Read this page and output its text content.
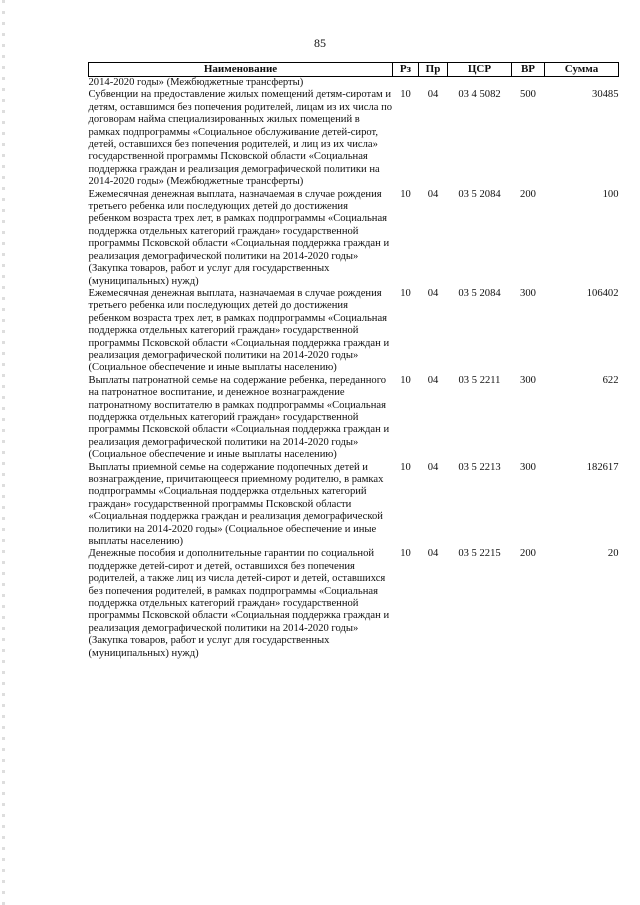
85
Наименование	Рз	Пр	ЦСР	ВР	Сумма
2014-2020 годы» (Межбюджетные трансферты)					
Субвенции на предоставление жилых помещений детям-сиротам и детям, оставшимся без попечения родителей, лицам из их числа по договорам найма специализированных жилых помещений в рамках подпрограммы «Социальное обслуживание детей-сирот, детей, оставшихся без попечения родителей, и лиц из их числа» государственной программы Псковской области «Социальная поддержка граждан и реализация демографической политики на 2014-2020 годы» (Межбюджетные трансферты)	10	04	03 4 5082	500	30485
Ежемесячная денежная выплата, назначаемая в случае рождения третьего ребенка или последующих детей до достижения ребенком возраста трех лет, в рамках подпрограммы «Социальная поддержка отдельных категорий граждан» государственной программы Псковской области «Социальная поддержка граждан и реализация демографической политики на 2014-2020 годы» (Закупка товаров, работ и услуг для государственных (муниципальных) нужд)	10	04	03 5 2084	200	100
Ежемесячная денежная выплата, назначаемая в случае рождения третьего ребенка или последующих детей до достижения ребенком возраста трех лет, в рамках подпрограммы «Социальная поддержка отдельных категорий граждан» государственной программы Псковской области «Социальная поддержка граждан и реализация демографической политики на 2014-2020 годы» (Социальное обеспечение и иные выплаты населению)	10	04	03 5 2084	300	106402
Выплаты патронатной семье на содержание ребенка, переданного на патронатное воспитание, и денежное вознаграждение патронатному воспитателю в рамках подпрограммы «Социальная поддержка отдельных категорий граждан» государственной программы Псковской области «Социальная поддержка граждан и реализация демографической политики на 2014-2020 годы» (Социальное обеспечение и иные выплаты населению)	10	04	03 5 2211	300	622
Выплаты приемной семье на содержание подопечных детей и вознаграждение, причитающееся приемному родителю, в рамках подпрограммы «Социальная поддержка отдельных категорий граждан» государственной программы Псковской области «Социальная поддержка граждан и реализация демографической политики на 2014-2020 годы» (Социальное обеспечение и иные выплаты населению)	10	04	03 5 2213	300	182617
Денежные пособия и дополнительные гарантии по социальной поддержке детей-сирот и детей, оставшихся без попечения родителей, а также лиц из числа детей-сирот и детей, оставшихся без попечения родителей, в рамках подпрограммы «Социальная поддержка отдельных категорий граждан» государственной программы Псковской области «Социальная поддержка граждан и реализация демографической политики на 2014-2020 годы» (Закупка товаров, работ и услуг для государственных (муниципальных) нужд)	10	04	03 5 2215	200	20
